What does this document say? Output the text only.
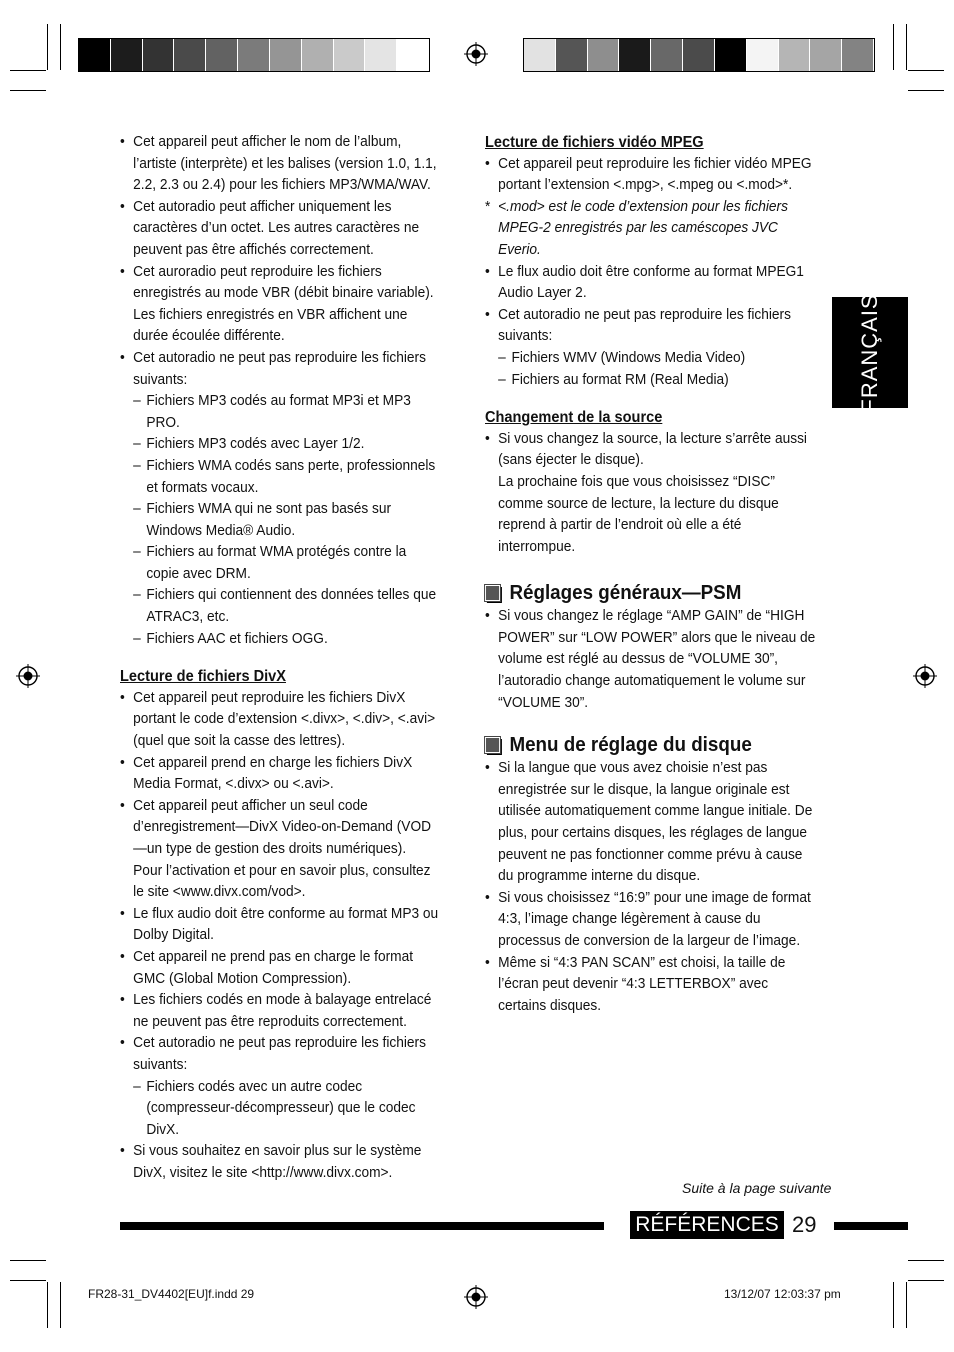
FRANÇAIS

• Cet appareil peut afficher le nom de l’album, l’artiste (interprète) et les balises (version 1.0, 1.1, 2.2, 2.3 ou 2.4) pour les fichiers MP3/WMA/WAV.

• Cet autoradio peut afficher uniquement les caractères d’un octet. Les autres caractères ne peuvent pas être affichés correctement.

• Cet auroradio peut reproduire les fichiers enregistrés au mode VBR (débit binaire variable).
Les fichiers enregistrés en VBR affichent une durée écoulée différente.

• Cet autoradio ne peut pas reproduire les fichiers suivants:

– Fichiers MP3 codés au format MP3i et MP3 PRO.

– Fichiers MP3 codés avec Layer 1/2.

– Fichiers WMA codés sans perte, professionnels et formats vocaux.

– Fichiers WMA qui ne sont pas basés sur Windows Media® Audio.

– Fichiers au format WMA protégés contre la copie avec DRM.

– Fichiers qui contiennent des données telles que ATRAC3, etc.

– Fichiers AAC et fichiers OGG.

Lecture de fichiers DivX

• Cet appareil peut reproduire les fichiers DivX portant le code d’extension <.divx>, <.div>, <.avi> (quel que soit la casse des lettres).

• Cet appareil prend en charge les fichiers DivX Media Format, <.divx> ou <.avi>.

• Cet appareil peut afficher un seul code d’enregistrement—DivX Video-on-Demand (VOD—un type de gestion des droits numériques).
Pour l’activation et pour en savoir plus, consultez le site <www.divx.com/vod>.

• Le flux audio doit être conforme au format MP3 ou Dolby Digital.

• Cet appareil ne prend pas en charge le format GMC (Global Motion Compression).

• Les fichiers codés en mode à balayage entrelacé ne peuvent pas être reproduits correctement.

• Cet autoradio ne peut pas reproduire les fichiers suivants:

– Fichiers codés avec un autre codec (compresseur-décompresseur) que le codec DivX.

• Si vous souhaitez en savoir plus sur le système DivX, visitez le site <http://www.divx.com>.

Lecture de fichiers vidéo MPEG

• Cet appareil peut reproduire les fichier vidéo MPEG portant l’extension <.mpg>, <.mpeg ou <.mod>*.

* <.mod> est le code d’extension pour les fichiers MPEG-2 enregistrés par les caméscopes JVC Everio.

• Le flux audio doit être conforme au format MPEG1 Audio Layer 2.

• Cet autoradio ne peut pas reproduire les fichiers suivants:

– Fichiers WMV (Windows Media Video)

– Fichiers au format RM (Real Media)

Changement de la source

• Si vous changez la source, la lecture s’arrête aussi (sans éjecter le disque).
La prochaine fois que vous choisissez “DISC” comme source de lecture, la lecture du disque reprend à partir de l’endroit où elle a été interrompue.

Réglages généraux—PSM

• Si vous changez le réglage “AMP GAIN” de “HIGH POWER” sur “LOW POWER” alors que le niveau de volume est réglé au dessus de “VOLUME 30”, l’autoradio change automatiquement le volume sur “VOLUME 30”.

Menu de réglage du disque

• Si la langue que vous avez choisie n’est pas enregistrée sur le disque, la langue originale est utilisée automatiquement comme langue initiale. De plus, pour certains disques, les réglages de langue peuvent ne pas fonctionner comme prévu à cause du programme interne du disque.

• Si vous choisissez “16:9” pour une image de format 4:3, l’image change légèrement à cause du processus de conversion de la largeur de l’image.

• Même si “4:3 PAN SCAN” est choisi, la taille de l’écran peut devenir “4:3 LETTERBOX” avec certains disques.

Suite à la page suivante
RÉFÉRENCES 29
FR28-31_DV4402[EU]f.indd 29	13/12/07 12:03:37 pm
